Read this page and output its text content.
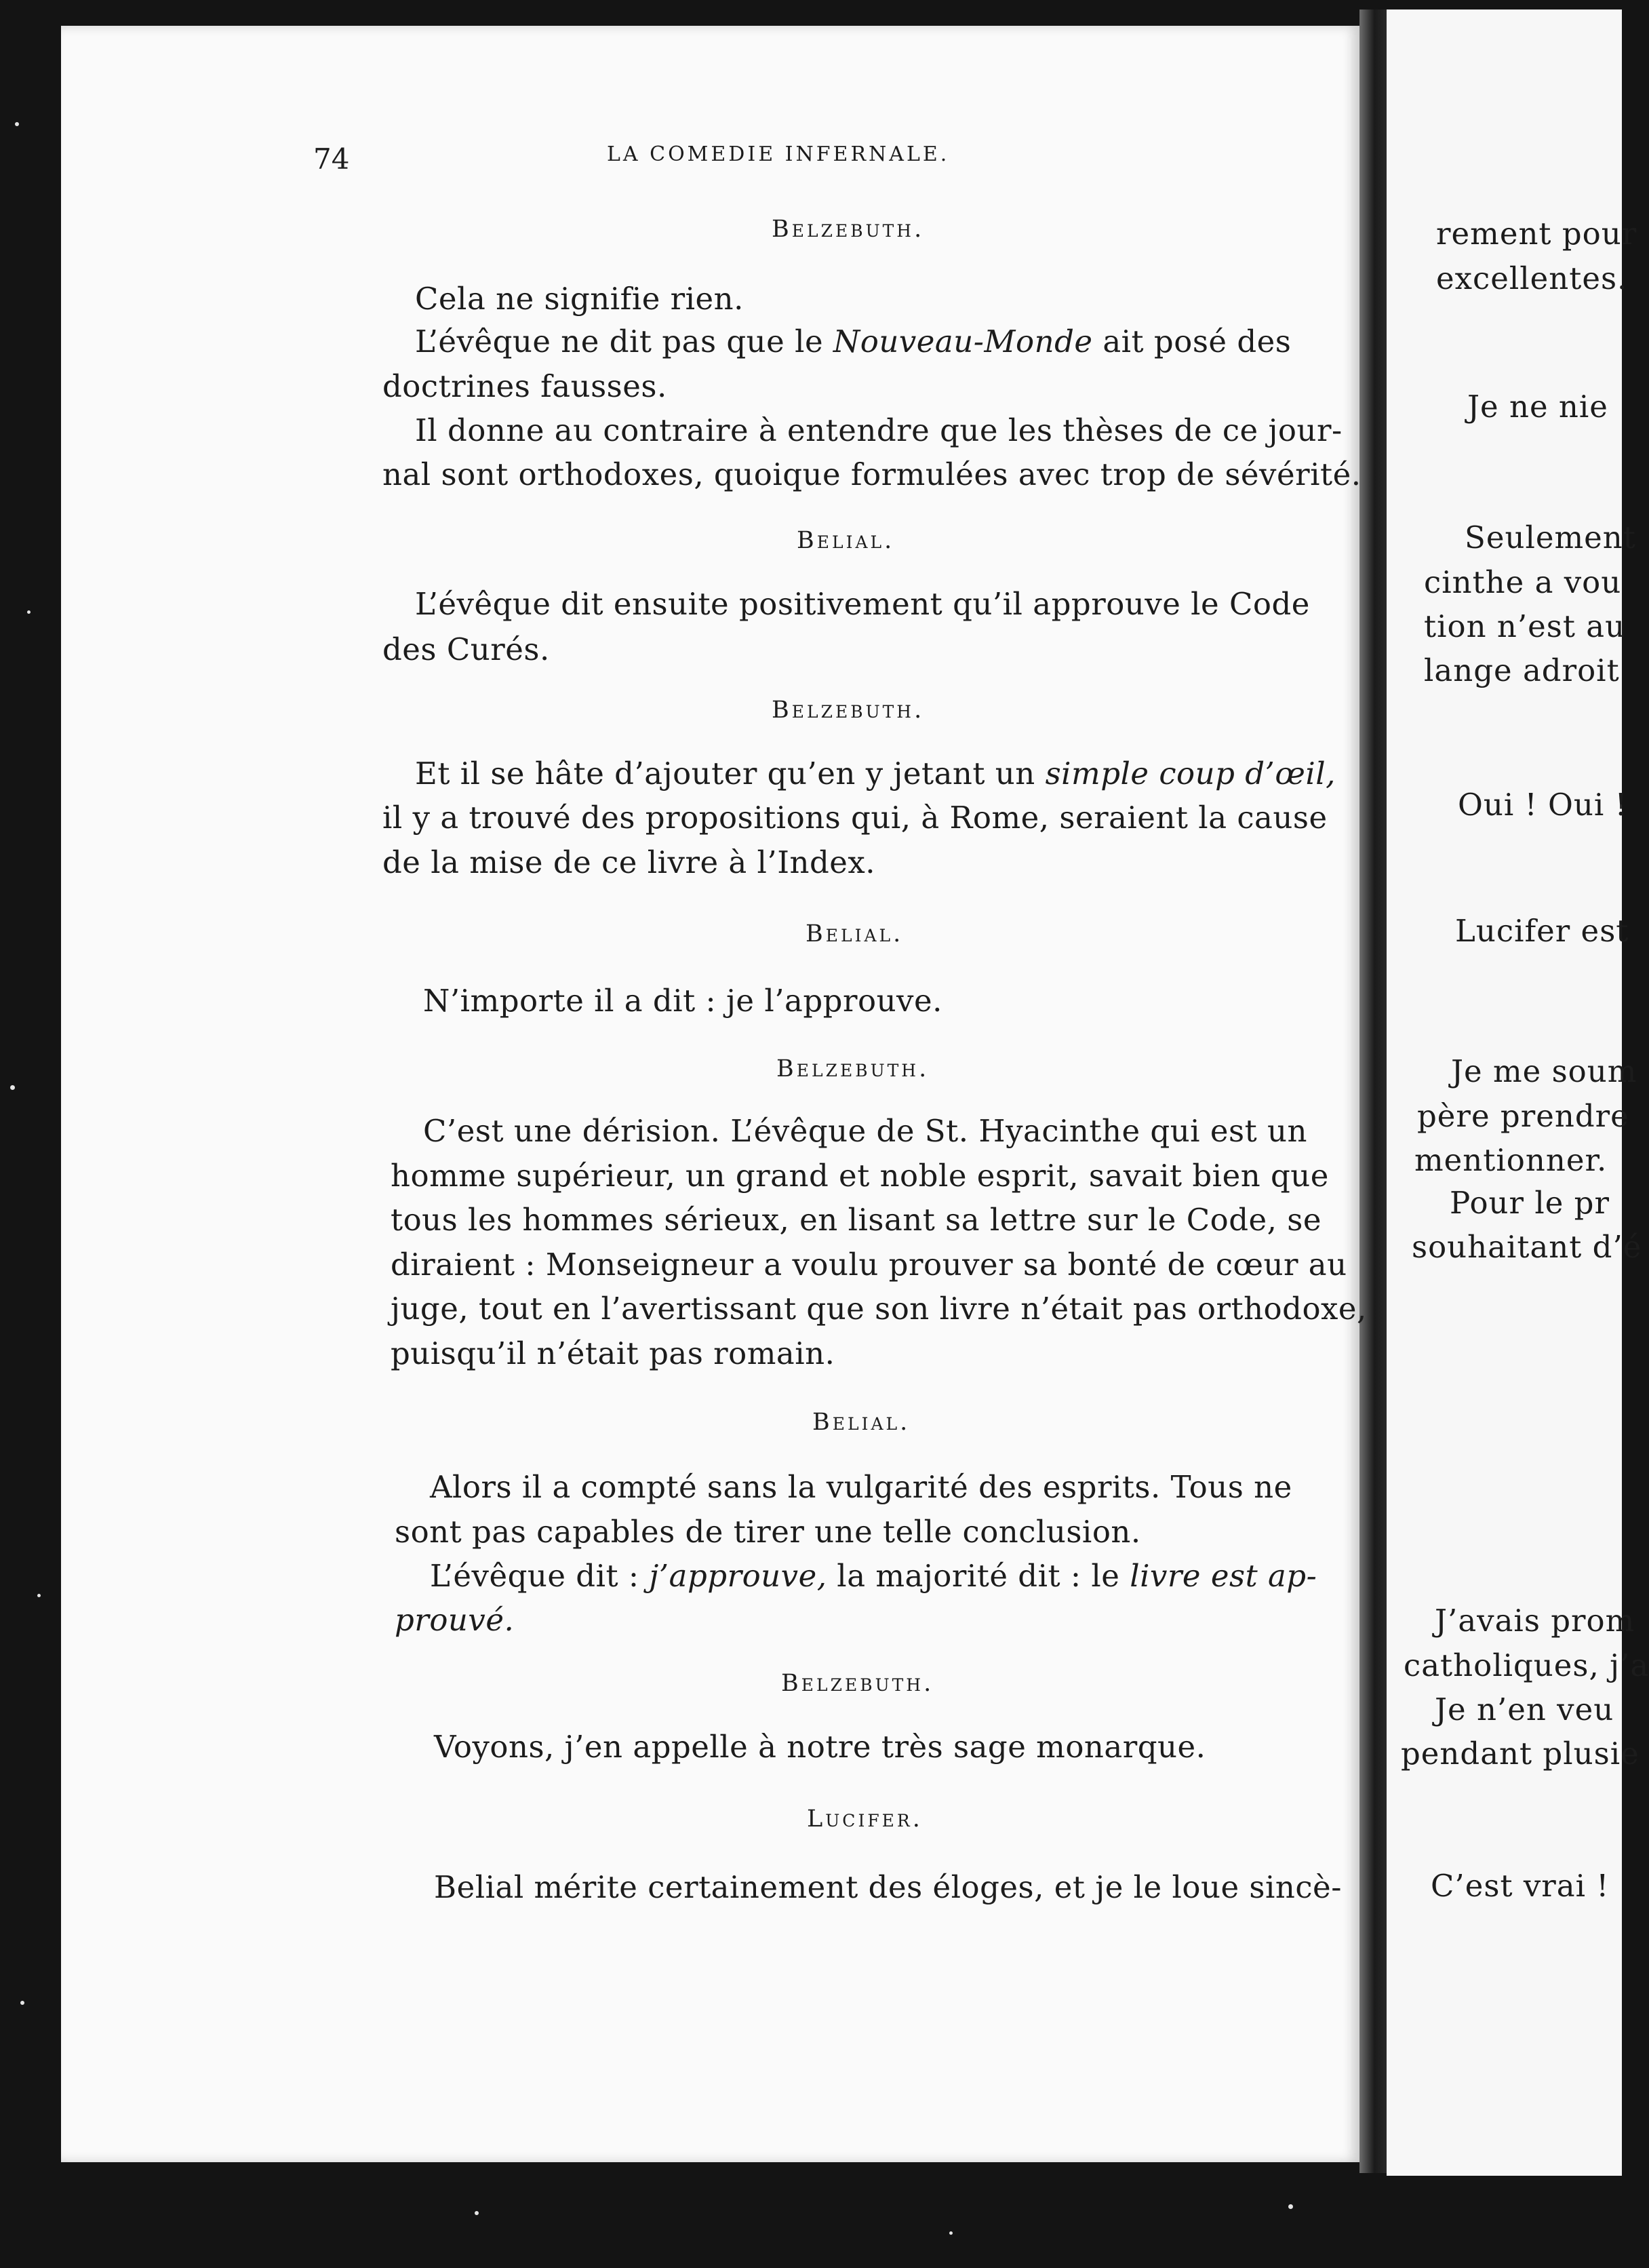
74	LA COMEDIE INFERNALE.
Belzebuth.
Cela ne signifie rien.
L’évêque ne dit pas que le Nouveau-Monde ait posé des
doctrines fausses.
Il donne au contraire à entendre que les thèses de ce jour-
nal sont orthodoxes, quoique formulées avec trop de sévérité.
Belial.
L’évêque dit ensuite positivement qu’il approuve le Code
des Curés.
Belzebuth.
Et il se hâte d’ajouter qu’en y jetant un simple coup d’œil,
il y a trouvé des propositions qui, à Rome, seraient la cause
de la mise de ce livre à l’Index.
Belial.
N’importe il a dit : je l’approuve.
Belzebuth.
C’est une dérision. L’évêque de St. Hyacinthe qui est un
homme supérieur, un grand et noble esprit, savait bien que
tous les hommes sérieux, en lisant sa lettre sur le Code, se
diraient : Monseigneur a voulu prouver sa bonté de cœur au
juge, tout en l’avertissant que son livre n’était pas orthodoxe,
puisqu’il n’était pas romain.
Belial.
Alors il a compté sans la vulgarité des esprits. Tous ne
sont pas capables de tirer une telle conclusion.
L’évêque dit : j’approuve, la majorité dit : le livre est ap-
prouvé.
Belzebuth.
Voyons, j’en appelle à notre très sage monarque.
Lucifer.
Belial mérite certainement des éloges, et je le loue sincè-
rement pour
excellentes.
Je ne nie
Seulement
cinthe a vou
tion n’est au
lange adroit
Oui ! Oui !
Lucifer est
Je me soum
père prendre
mentionner.
Pour le pr
souhaitant d’é
J’avais prom
catholiques, j’a
Je n’en veu
pendant plusie
C’est vrai !
